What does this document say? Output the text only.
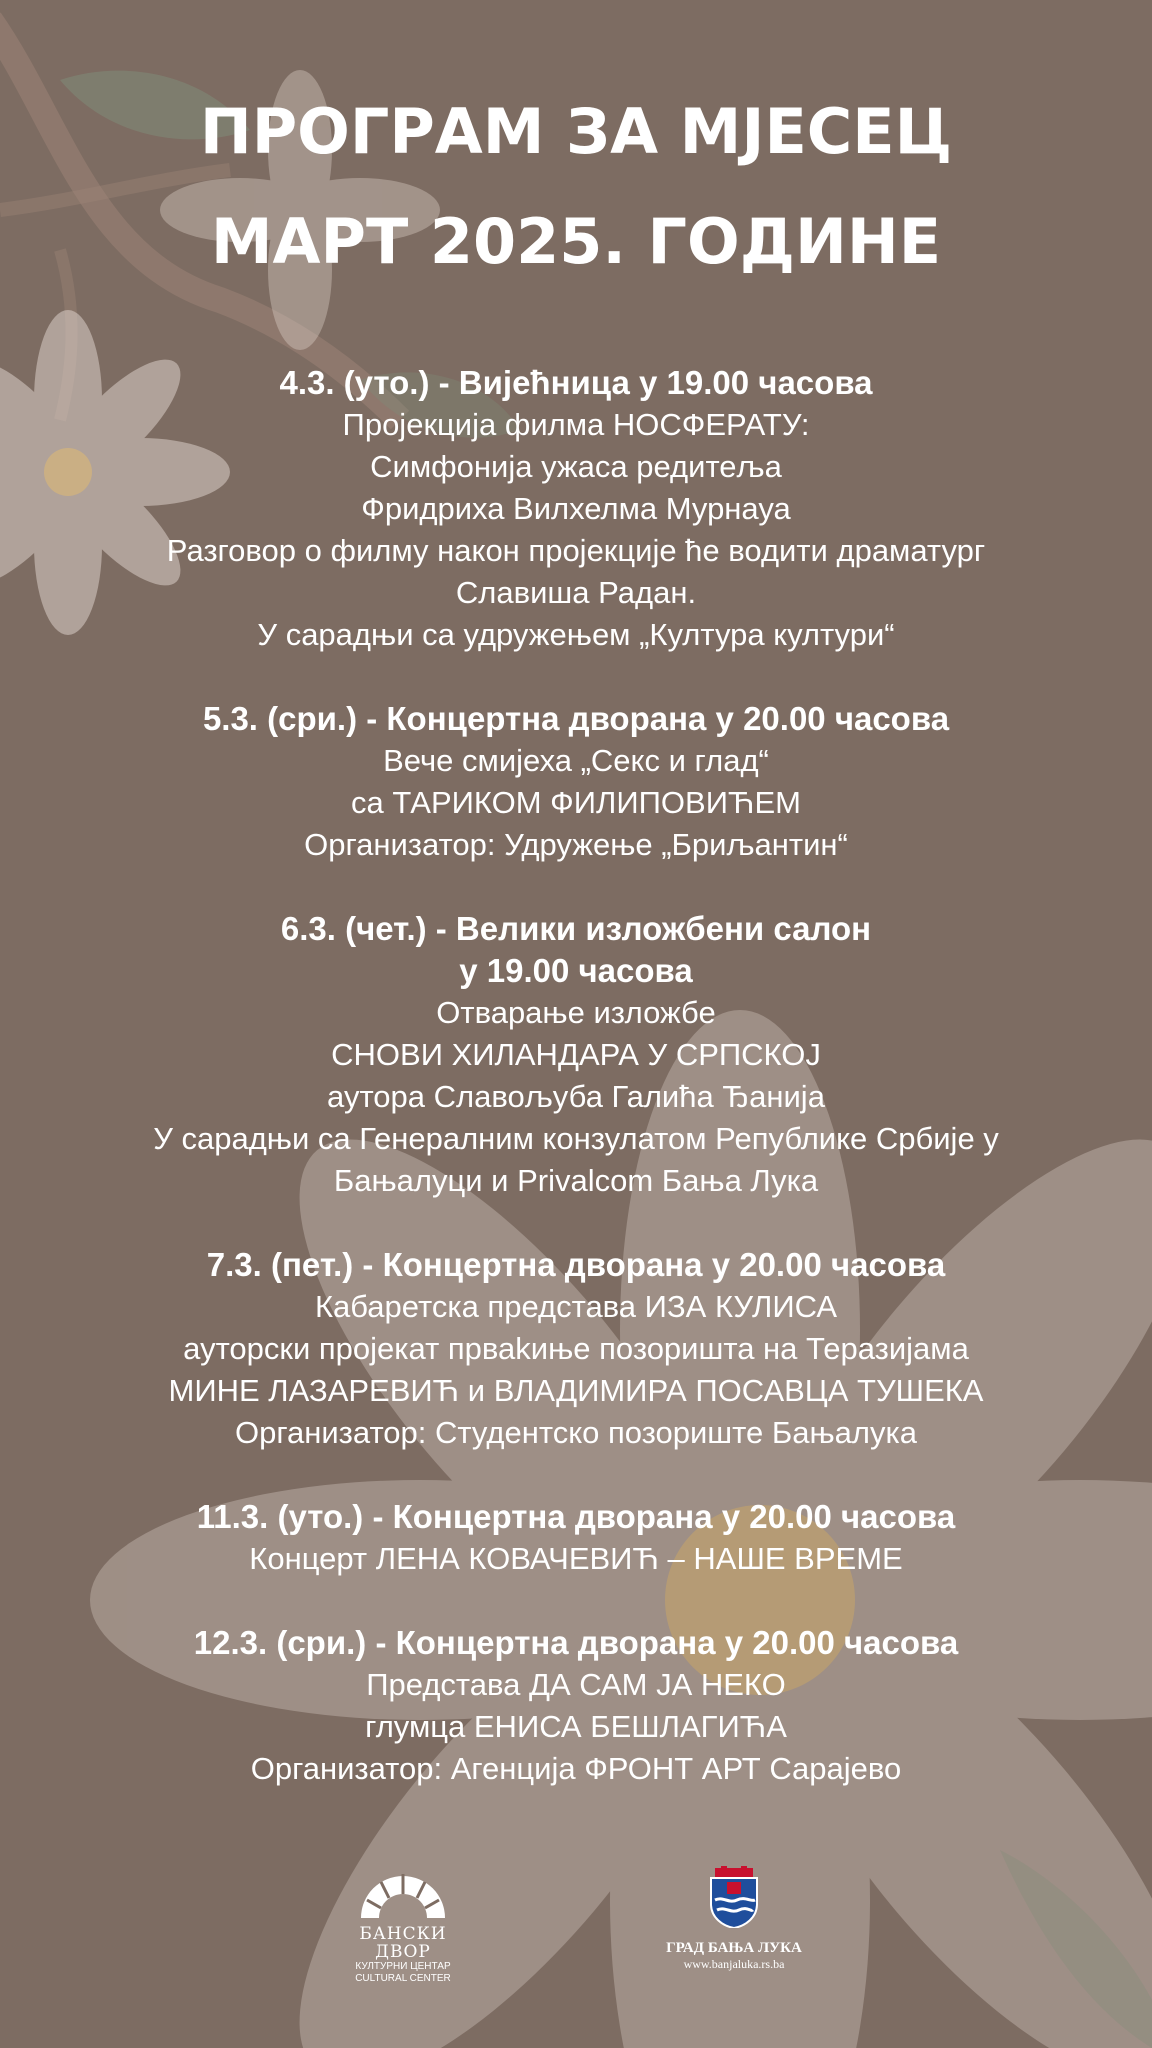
ПРОГРАМ ЗА МЈЕСЕЦ
МАРТ 2025. ГОДИНЕ

4.3. (уто.) - Вијећница у 19.00 часова

Пројекција филма НОСФЕРАТУ:

Симфонија ужаса редитеља

Фридриха Вилхелма Мурнауа

Разговор о филму након пројекције ће водити драматург

Славиша Радан.

У сарадњи са удружењем „Култура култури“

5.3. (сри.) - Концертна дворана у 20.00 часова

Вече смијеха „Секс и глад“

са ТАРИКОМ ФИЛИПОВИЋЕМ

Организатор: Удружење „Бриљантин“

6.3. (чет.) - Велики изложбени салон

у 19.00 часова

Отварање изложбе

СНОВИ ХИЛАНДАРА У СРПСКОЈ

аутора Славољуба Галића Ђанија

У сарадњи са Генералним конзулатом Републике Србије у

Бањалуци и Privalcom Бања Лука

7.3. (пет.) - Концертна дворана у 20.00 часова

Кабаретска представа ИЗА КУЛИСА

ауторски пројекат прваkиње позоришта на Теразијама

МИНЕ ЛАЗАРЕВИЋ и ВЛАДИМИРА ПОСАВЦА ТУШЕКА

Организатор: Студентско позориште Бањалука

11.3. (уто.) - Концертна дворана у 20.00 часова

Концерт ЛЕНА КОВАЧЕВИЋ – НАШЕ ВРЕМЕ

12.3. (сри.) - Концертна дворана у 20.00 часова

Представа ДА САМ ЈА НЕКО

глумца ЕНИСА БЕШЛАГИЋА

Организатор: Агенција ФРОНТ АРТ Сарајево

БАНСКИ ДВОР
КУЛТУРНИ ЦЕНТАР
CULTURAL CENTER
ГРАД БАЊА ЛУКА
www.banjaluka.rs.ba
